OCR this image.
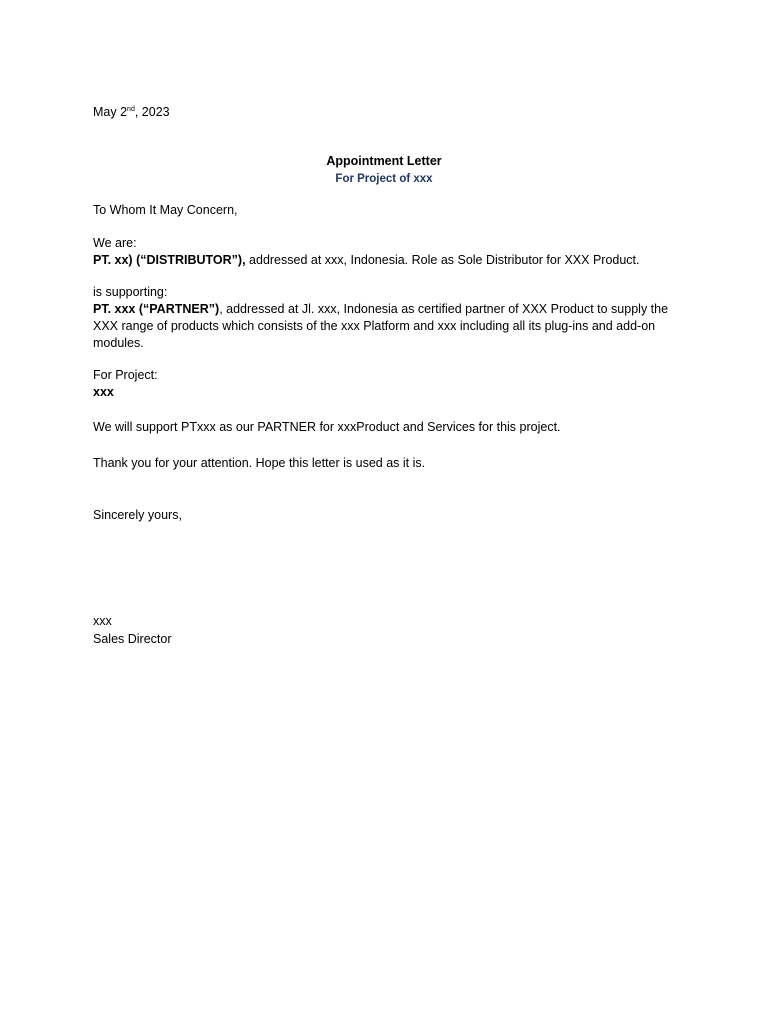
May 2nd, 2023
Appointment Letter
For Project of xxx
To Whom It May Concern,
We are:
PT. xx) (“DISTRIBUTOR”), addressed at xxx, Indonesia. Role as Sole Distributor for XXX Product.
is supporting:
PT. xxx (“PARTNER”), addressed at Jl. xxx, Indonesia as certified partner of XXX Product to supply the XXX range of products which consists of the xxx Platform and xxx including all its plug-ins and add-on modules.
For Project:
xxx
We will support PTxxx as our PARTNER for xxxProduct and Services for this project.
Thank you for your attention. Hope this letter is used as it is.
Sincerely yours,
xxx
Sales Director
